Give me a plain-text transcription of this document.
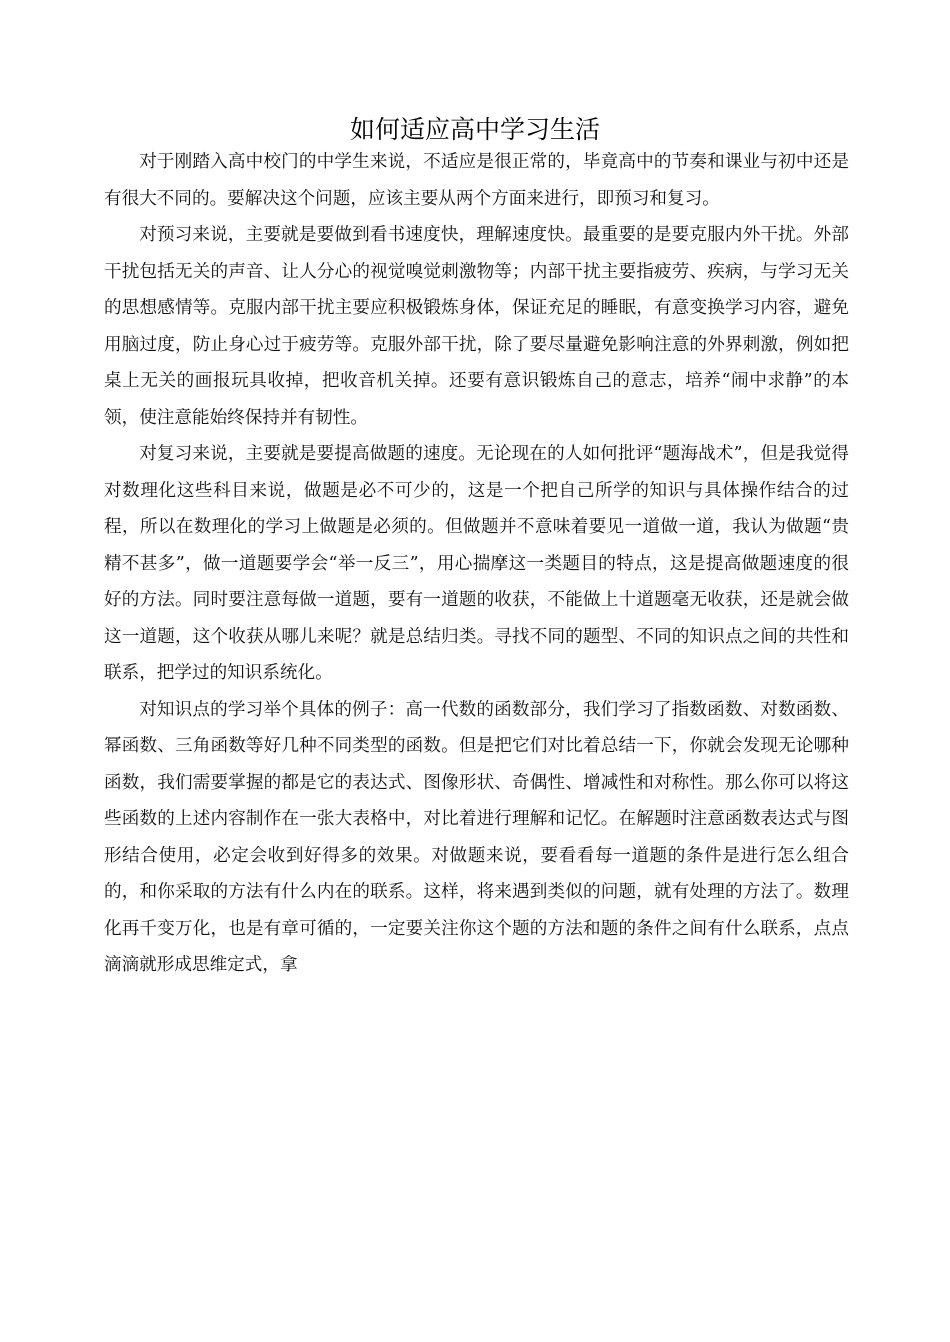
如何适应高中学习生活

对于刚踏入高中校门的中学生来说，不适应是很正常的，毕竟高中的节奏和课业与初中还是有很大不同的。要解决这个问题，应该主要从两个方面来进行，即预习和复习。

对预习来说，主要就是要做到看书速度快，理解速度快。最重要的是要克服内外干扰。外部干扰包括无关的声音、让人分心的视觉嗅觉刺激物等；内部干扰主要指疲劳、疾病，与学习无关的思想感情等。克服内部干扰主要应积极锻炼身体，保证充足的睡眠，有意变换学习内容，避免用脑过度，防止身心过于疲劳等。克服外部干扰，除了要尽量避免影响注意的外界刺激，例如把桌上无关的画报玩具收掉，把收音机关掉。还要有意识锻炼自己的意志，培养“闹中求静”的本领，使注意能始终保持并有韧性。

对复习来说，主要就是要提高做题的速度。无论现在的人如何批评“题海战术”，但是我觉得对数理化这些科目来说，做题是必不可少的，这是一个把自己所学的知识与具体操作结合的过程，所以在数理化的学习上做题是必须的。但做题并不意味着要见一道做一道，我认为做题“贵精不甚多”，做一道题要学会“举一反三”，用心揣摩这一类题目的特点，这是提高做题速度的很好的方法。同时要注意每做一道题，要有一道题的收获，不能做上十道题毫无收获，还是就会做这一道题，这个收获从哪儿来呢？就是总结归类。寻找不同的题型、不同的知识点之间的共性和联系，把学过的知识系统化。

对知识点的学习举个具体的例子：高一代数的函数部分，我们学习了指数函数、对数函数、幂函数、三角函数等好几种不同类型的函数。但是把它们对比着总结一下，你就会发现无论哪种函数，我们需要掌握的都是它的表达式、图像形状、奇偶性、增减性和对称性。那么你可以将这些函数的上述内容制作在一张大表格中，对比着进行理解和记忆。在解题时注意函数表达式与图形结合使用，必定会收到好得多的效果。对做题来说，要看看每一道题的条件是进行怎么组合的，和你采取的方法有什么内在的联系。这样，将来遇到类似的问题，就有处理的方法了。数理化再千变万化，也是有章可循的，一定要关注你这个题的方法和题的条件之间有什么联系，点点滴滴就形成思维定式，拿
